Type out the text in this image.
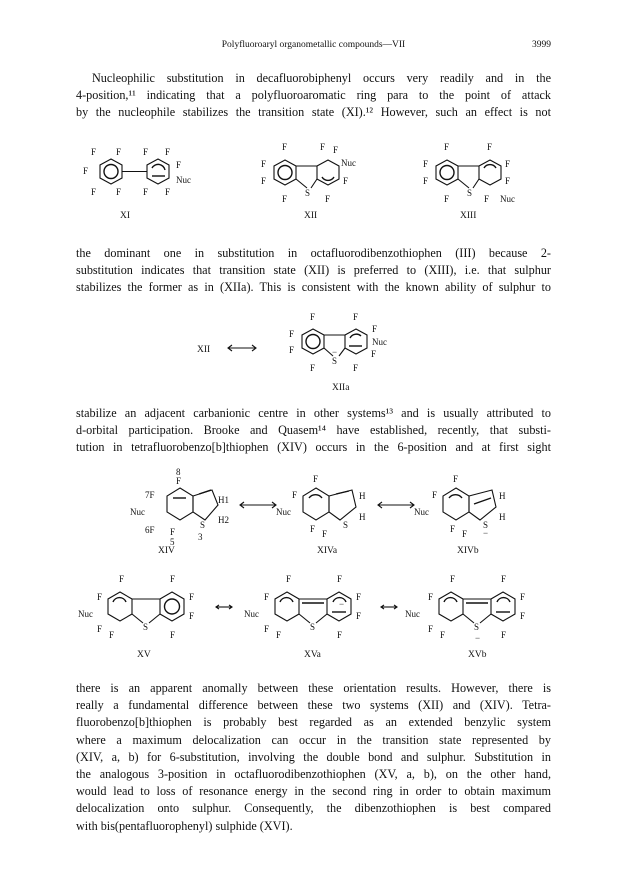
Polyfluoroaryl organometallic compounds—VII	3999
Nucleophilic substitution in decafluorobiphenyl occurs very readily and in the
4-position,¹¹ indicating that a polyfluoroaromatic ring para to the point of attack
by the nucleophile stabilizes the transition state (XI).¹² However, such an effect is not
F F
F
F F
F F
F
Nuc
F F
XI
S
F
F
F
F
F F
Nuc
F
F
XII
S
F
F
F
F
F
F
F
F Nuc
XIII
the dominant one in substitution in octafluorodibenzothiophen (III) because 2-
substitution indicates that transition state (XII) is preferred to (XIII), i.e. that sulphur
stabilizes the former as in (XIIa). This is consistent with the known ability of sulphur to
XII
S
−
F
F
F
F
F
F
Nuc
F
F
XIIa
stabilize an adjacent carbanionic centre in other systems¹³ and is usually attributed to
d-orbital participation. Brooke and Quasem¹⁴ have established, recently, that substi-
tution in tetrafluorobenzo[b]thiophen (XIV) occurs in the 6-position and at first sight
8
F
H1
S H2
7F
Nuc
6F F	3
5
XIV
F
F
Nuc
F F
S
H
H
XIVa
F
F
Nuc
F F
S
−
H
H
XIVb
S
F
F
Nuc
F
F
F
F
F
F
XV
S
F
F
Nuc
F
F
F
F
F
F
−
XVa
S
−
F
F
Nuc
F
F
F
F
F
F
XVb
there is an apparent anomally between these orientation results. However, there is
really a fundamental difference between these two systems (XII) and (XIV). Tetra-
fluorobenzo[b]thiophen is probably best regarded as an extended benzylic system
where a maximum delocalization can occur in the transition state represented by
(XIV, a, b) for 6-substitution, involving the double bond and sulphur. Substitution in
the analogous 3-position in octafluorodibenzothiophen (XV, a, b), on the other hand,
would lead to loss of resonance energy in the second ring in order to obtain maximum
delocalization onto sulphur. Consequently, the dibenzothiophen is best compared
with bis(pentafluorophenyl) sulphide (XVI).
